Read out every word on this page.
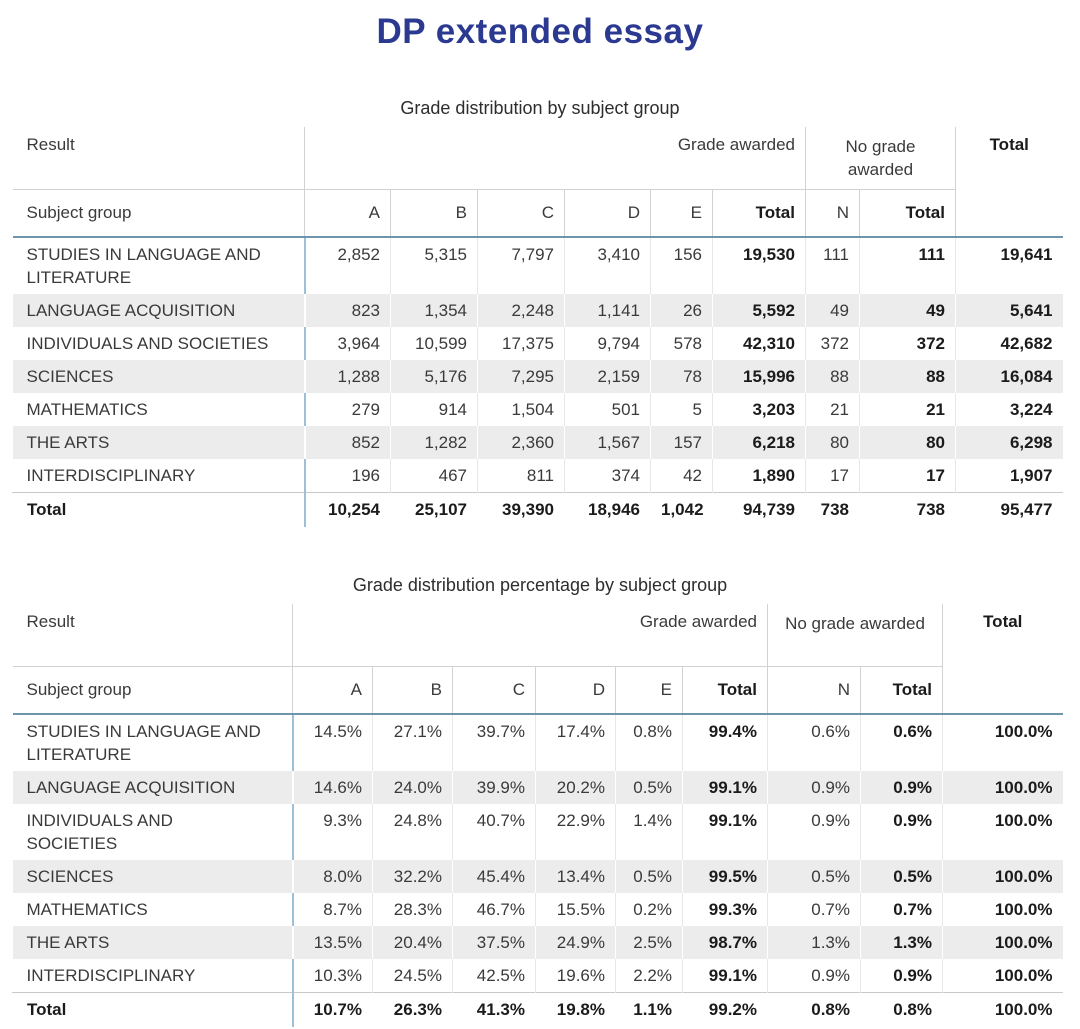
DP extended essay
Grade distribution by subject group
Result	Grade awarded						No grade awarded		Total
Subject group	A	B	C	D	E	Total	N	Total	
STUDIES IN LANGUAGE AND LITERATURE	2,852	5,315	7,797	3,410	156	19,530	111	111	19,641
LANGUAGE ACQUISITION	823	1,354	2,248	1,141	26	5,592	49	49	5,641
INDIVIDUALS AND SOCIETIES	3,964	10,599	17,375	9,794	578	42,310	372	372	42,682
SCIENCES	1,288	5,176	7,295	2,159	78	15,996	88	88	16,084
MATHEMATICS	279	914	1,504	501	5	3,203	21	21	3,224
THE ARTS	852	1,282	2,360	1,567	157	6,218	80	80	6,298
INTERDISCIPLINARY	196	467	811	374	42	1,890	17	17	1,907
Total	10,254	25,107	39,390	18,946	1,042	94,739	738	738	95,477
Grade distribution percentage by subject group
Result	Grade awarded						No grade awarded		Total
Subject group	A	B	C	D	E	Total	N	Total	
STUDIES IN LANGUAGE AND LITERATURE	14.5%	27.1%	39.7%	17.4%	0.8%	99.4%	0.6%	0.6%	100.0%
LANGUAGE ACQUISITION	14.6%	24.0%	39.9%	20.2%	0.5%	99.1%	0.9%	0.9%	100.0%
INDIVIDUALS AND SOCIETIES	9.3%	24.8%	40.7%	22.9%	1.4%	99.1%	0.9%	0.9%	100.0%
SCIENCES	8.0%	32.2%	45.4%	13.4%	0.5%	99.5%	0.5%	0.5%	100.0%
MATHEMATICS	8.7%	28.3%	46.7%	15.5%	0.2%	99.3%	0.7%	0.7%	100.0%
THE ARTS	13.5%	20.4%	37.5%	24.9%	2.5%	98.7%	1.3%	1.3%	100.0%
INTERDISCIPLINARY	10.3%	24.5%	42.5%	19.6%	2.2%	99.1%	0.9%	0.9%	100.0%
Total	10.7%	26.3%	41.3%	19.8%	1.1%	99.2%	0.8%	0.8%	100.0%
